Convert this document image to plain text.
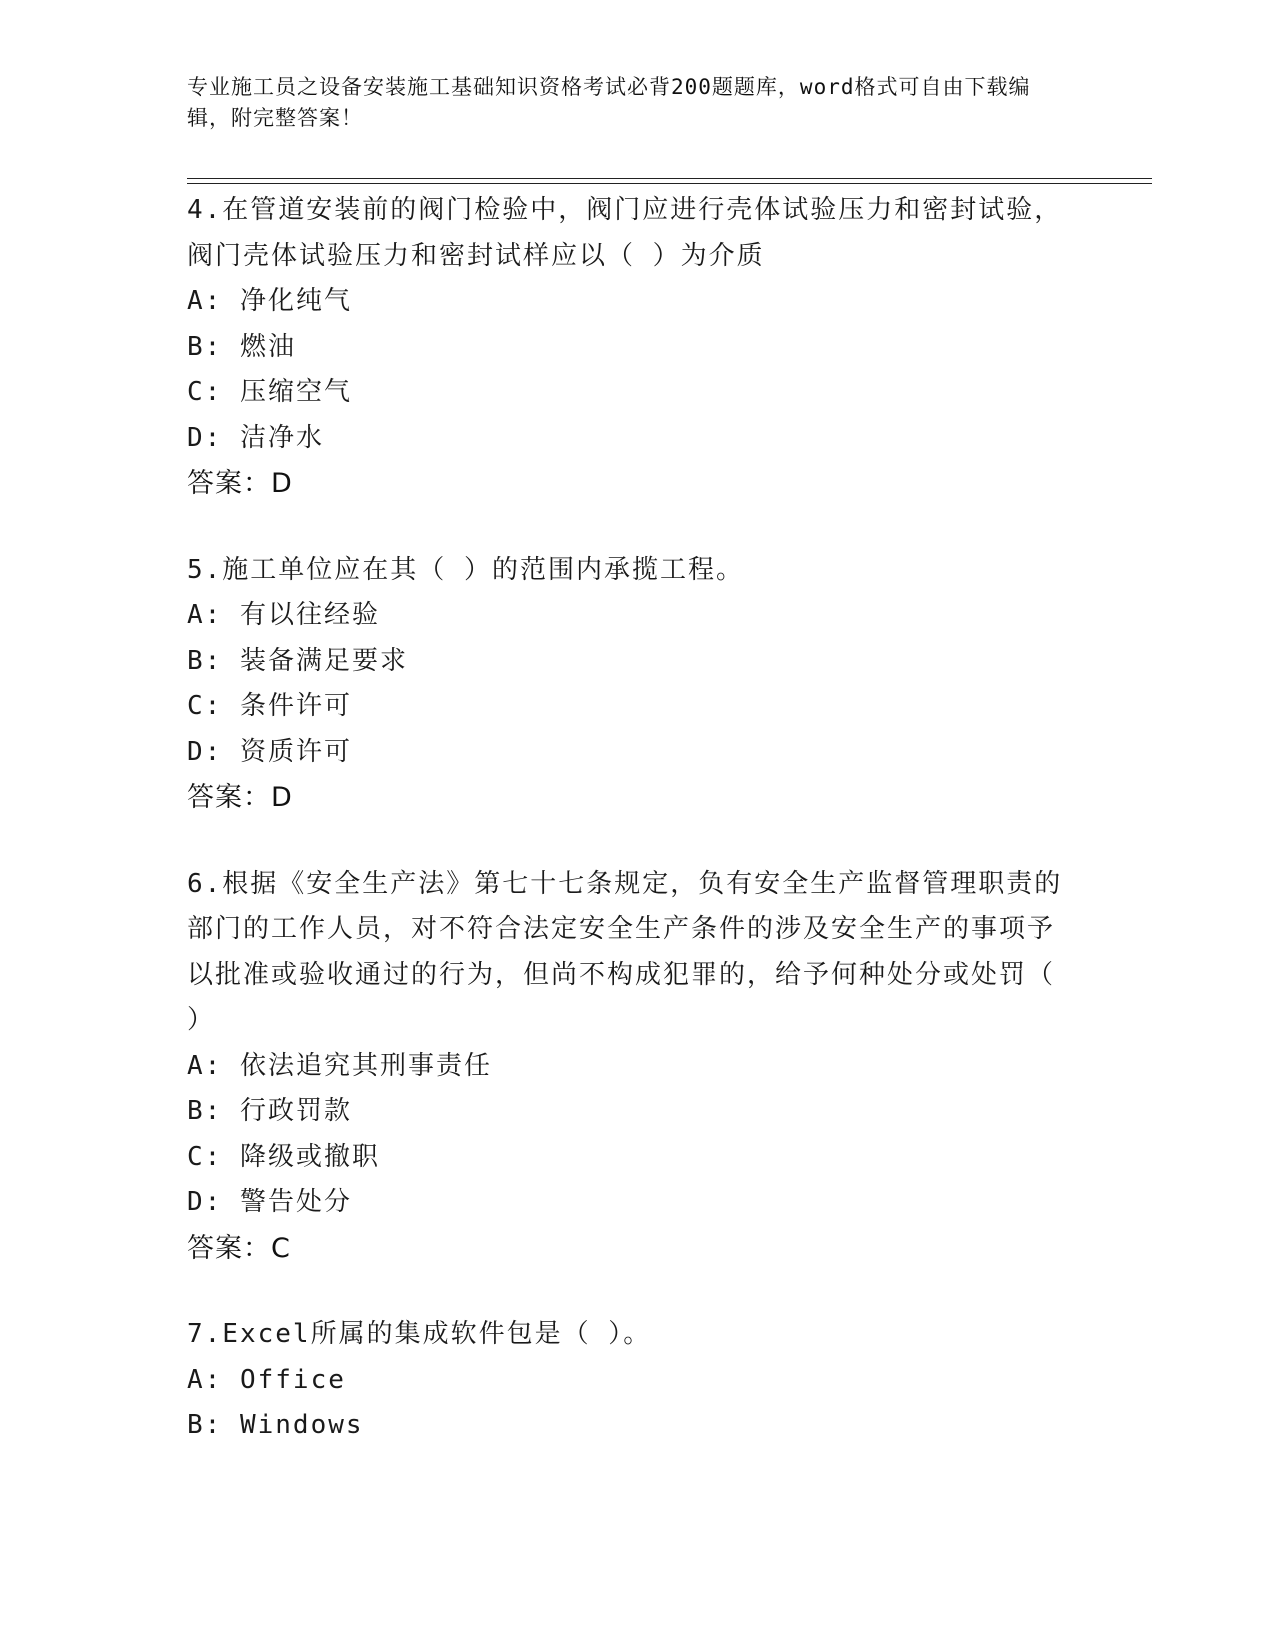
专业施工员之设备安装施工基础知识资格考试必背200题题库，word格式可自由下载编辑，附完整答案！
4.在管道安装前的阀门检验中，阀门应进行壳体试验压力和密封试验，阀门壳体试验压力和密封试样应以（ ）为介质
A: 净化纯气
B: 燃油
C: 压缩空气
D: 洁净水
答案：D
5.施工单位应在其（ ）的范围内承揽工程。
A: 有以往经验
B: 装备满足要求
C: 条件许可
D: 资质许可
答案：D
6.根据《安全生产法》第七十七条规定，负有安全生产监督管理职责的部门的工作人员，对不符合法定安全生产条件的涉及安全生产的事项予以批准或验收通过的行为，但尚不构成犯罪的，给予何种处分或处罚（ ）
A: 依法追究其刑事责任
B: 行政罚款
C: 降级或撤职
D: 警告处分
答案：C
7.Excel所属的集成软件包是（ ）。
A: Office
B: Windows
